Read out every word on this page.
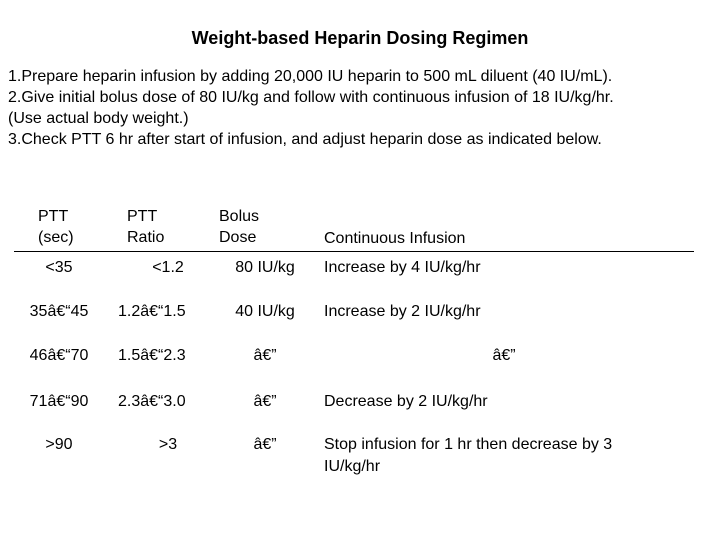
Weight-based Heparin Dosing Regimen

1.Prepare heparin infusion by adding 20,000 IU heparin to 500 mL diluent (40 IU/mL).

2.Give initial bolus dose of 80 IU/kg and follow with continuous infusion of 18 IU/kg/hr.

(Use actual body weight.)

3.Check PTT 6 hr after start of infusion, and adjust heparin dose as indicated below.

PTT
(sec)
PTT
Ratio
Bolus
Dose	Continuous Infusion
<35	<1.2	80 IU/kg	Increase by 4 IU/kg/hr
35â€“45	1.2â€“1.5	40 IU/kg	Increase by 2 IU/kg/hr
46â€“70	1.5â€“2.3	â€”	â€”
71â€“90	2.3â€“3.0	â€”	Decrease by 2 IU/kg/hr
>90	>3	â€”	Stop infusion for 1 hr then decrease by 3
IU/kg/hr
